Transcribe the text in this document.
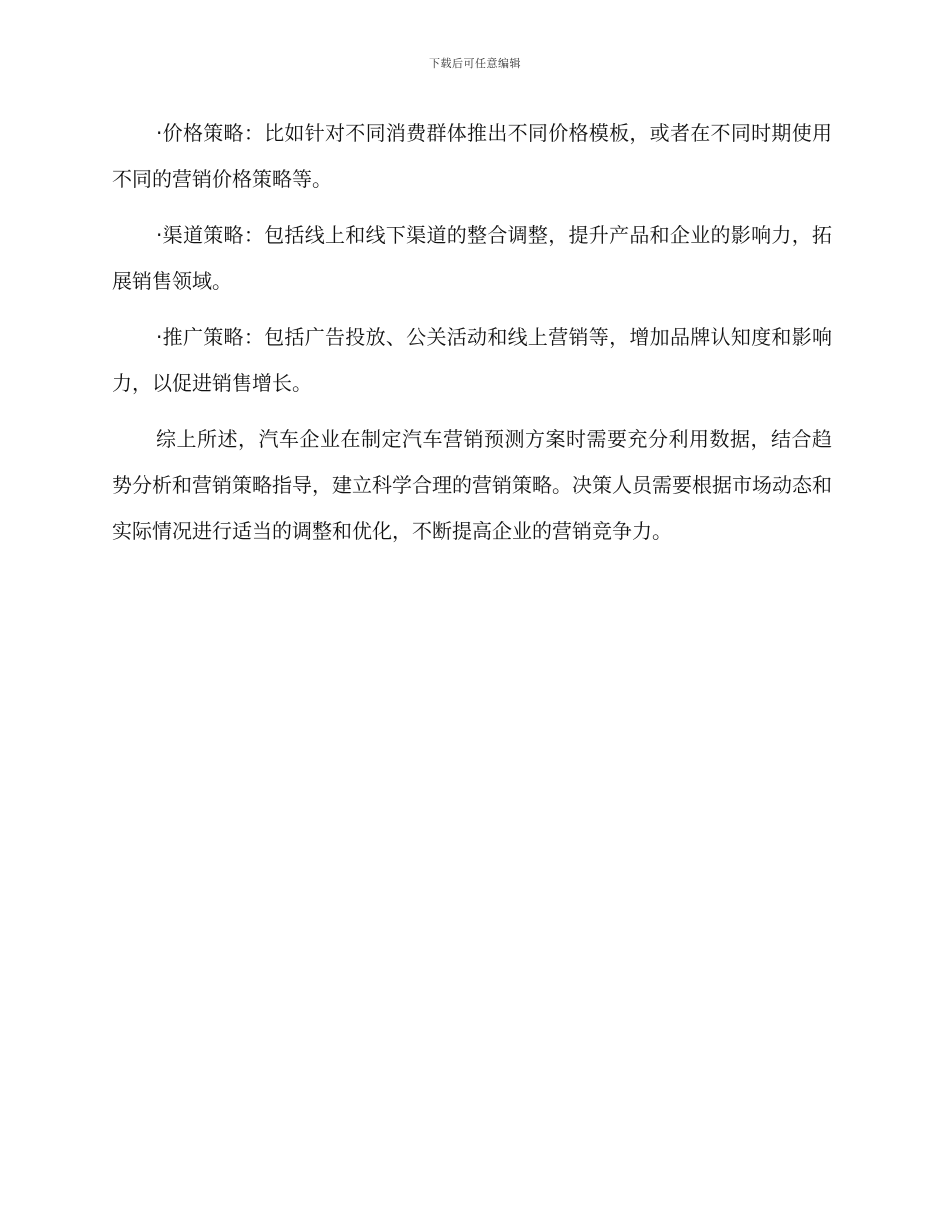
下载后可任意编辑

·价格策略：比如针对不同消费群体推出不同价格模板，或者在不同时期使用不同的营销价格策略等。

·渠道策略：包括线上和线下渠道的整合调整，提升产品和企业的影响力，拓展销售领域。

·推广策略：包括广告投放、公关活动和线上营销等，增加品牌认知度和影响力，以促进销售增长。

综上所述，汽车企业在制定汽车营销预测方案时需要充分利用数据，结合趋势分析和营销策略指导，建立科学合理的营销策略。决策人员需要根据市场动态和实际情况进行适当的调整和优化，不断提高企业的营销竞争力。
